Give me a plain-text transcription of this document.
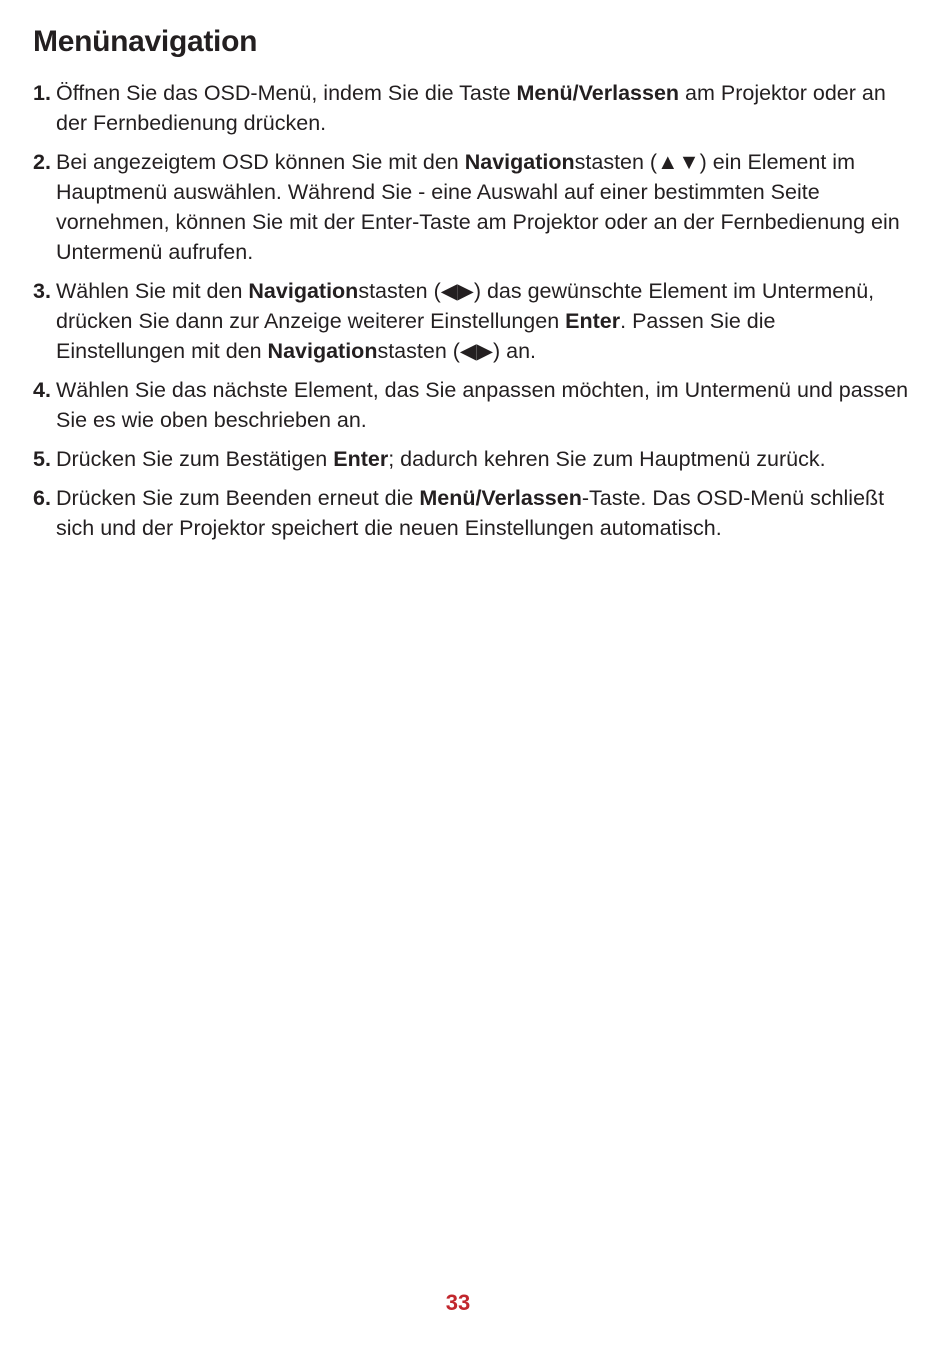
Menünavigation
1. Öffnen Sie das OSD-Menü, indem Sie die Taste Menü/Verlassen am Projektor oder an der Fernbedienung drücken.
2. Bei angezeigtem OSD können Sie mit den Navigationstasten (▲▼) ein Element im Hauptmenü auswählen. Während Sie - eine Auswahl auf einer bestimmten Seite vornehmen, können Sie mit der Enter-Taste am Projektor oder an der Fernbedienung ein Untermenü aufrufen.
3. Wählen Sie mit den Navigationstasten (◀▶) das gewünschte Element im Untermenü, drücken Sie dann zur Anzeige weiterer Einstellungen Enter. Passen Sie die Einstellungen mit den Navigationstasten (◀▶) an.
4. Wählen Sie das nächste Element, das Sie anpassen möchten, im Untermenü und passen Sie es wie oben beschrieben an.
5. Drücken Sie zum Bestätigen Enter; dadurch kehren Sie zum Hauptmenü zurück.
6. Drücken Sie zum Beenden erneut die Menü/Verlassen-Taste. Das OSD-Menü schließt sich und der Projektor speichert die neuen Einstellungen automatisch.
33
